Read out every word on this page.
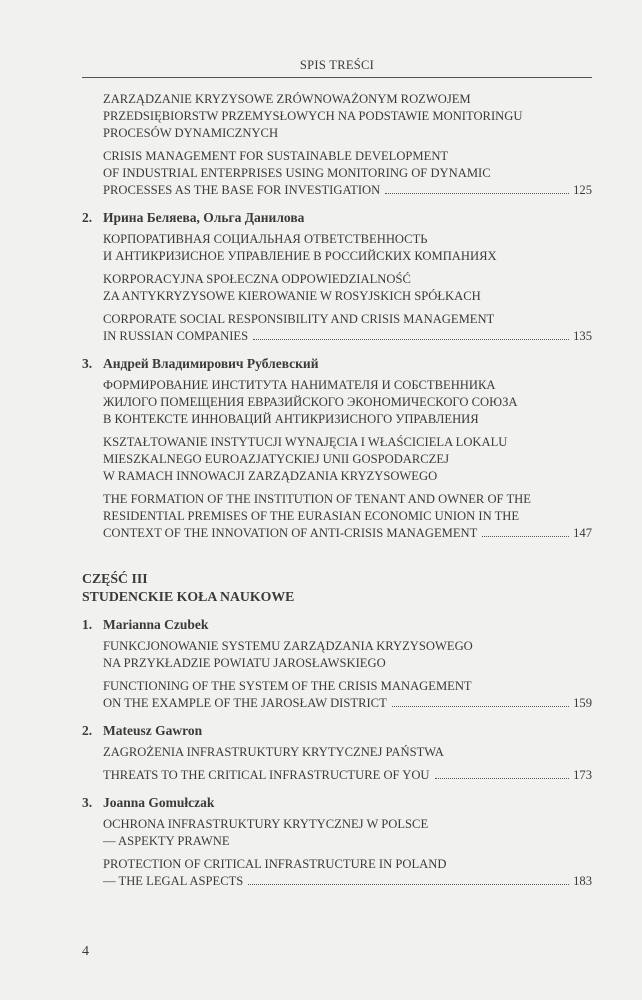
SPIS TREŚCI
ZARZĄDZANIE KRYZYSOWE ZRÓWNOWAŻONYM ROZWOJEM
PRZEDSIĘBIORSTW PRZEMYSŁOWYCH NA PODSTAWIE MONITORINGU
PROCESÓW DYNAMICZNYCH
CRISIS MANAGEMENT FOR SUSTAINABLE DEVELOPMENT
OF INDUSTRIAL ENTERPRISES USING MONITORING OF DYNAMIC
PROCESSES AS THE BASE FOR INVESTIGATION	125
2. Ирина Беляева, Ольга Данилова
КОРПОРАТИВНАЯ СОЦИАЛЬНАЯ ОТВЕТСТВЕННОСТЬ
И АНТИКРИЗИСНОЕ УПРАВЛЕНИЕ В РОССИЙСКИХ КОМПАНИЯХ
KORPORACYJNA SPOŁECZNA ODPOWIEDZIALNOŚĆ
ZA ANTYKRYZYSOWE KIEROWANIE W ROSYJSKICH SPÓŁKACH
CORPORATE SOCIAL RESPONSIBILITY AND CRISIS MANAGEMENT
IN RUSSIAN COMPANIES	135
3. Андрей Владимирович Рублевский
ФОРМИРОВАНИЕ ИНСТИТУТА НАНИМАТЕЛЯ И СОБСТВЕННИКА
ЖИЛОГО ПОМЕЩЕНИЯ ЕВРАЗИЙСКОГО ЭКОНОМИЧЕСКОГО СОЮЗА
В КОНТЕКСТЕ ИННОВАЦИЙ АНТИКРИЗИСНОГО УПРАВЛЕНИЯ
KSZTAŁTOWANIE INSTYTUCJI WYNAJĘCIA I WŁAŚCICIELA LOKALU
MIESZKALNEGO EUROAZJATYCKIEJ UNII GOSPODARCZEJ
W RAMACH INNOWACJI ZARZĄDZANIA KRYZYSOWEGO
THE FORMATION OF THE INSTITUTION OF TENANT AND OWNER OF THE
RESIDENTIAL PREMISES OF THE EURASIAN ECONOMIC UNION IN THE
CONTEXT OF THE INNOVATION OF ANTI-CRISIS MANAGEMENT	147
CZĘŚĆ III
STUDENCKIE KOŁA NAUKOWE
1. Marianna Czubek
FUNKCJONOWANIE SYSTEMU ZARZĄDZANIA KRYZYSOWEGO
NA PRZYKŁADZIE POWIATU JAROSŁAWSKIEGO
FUNCTIONING OF THE SYSTEM OF THE CRISIS MANAGEMENT
ON THE EXAMPLE OF THE JAROSŁAW DISTRICT	159
2. Mateusz Gawron
ZAGROŻENIA INFRASTRUKTURY KRYTYCZNEJ PAŃSTWA
THREATS TO THE CRITICAL INFRASTRUCTURE OF YOU	173
3. Joanna Gomułczak
OCHRONA INFRASTRUKTURY KRYTYCZNEJ W POLSCE
— ASPEKTY PRAWNE
PROTECTION OF CRITICAL INFRASTRUCTURE IN POLAND
— THE LEGAL ASPECTS	183
4
